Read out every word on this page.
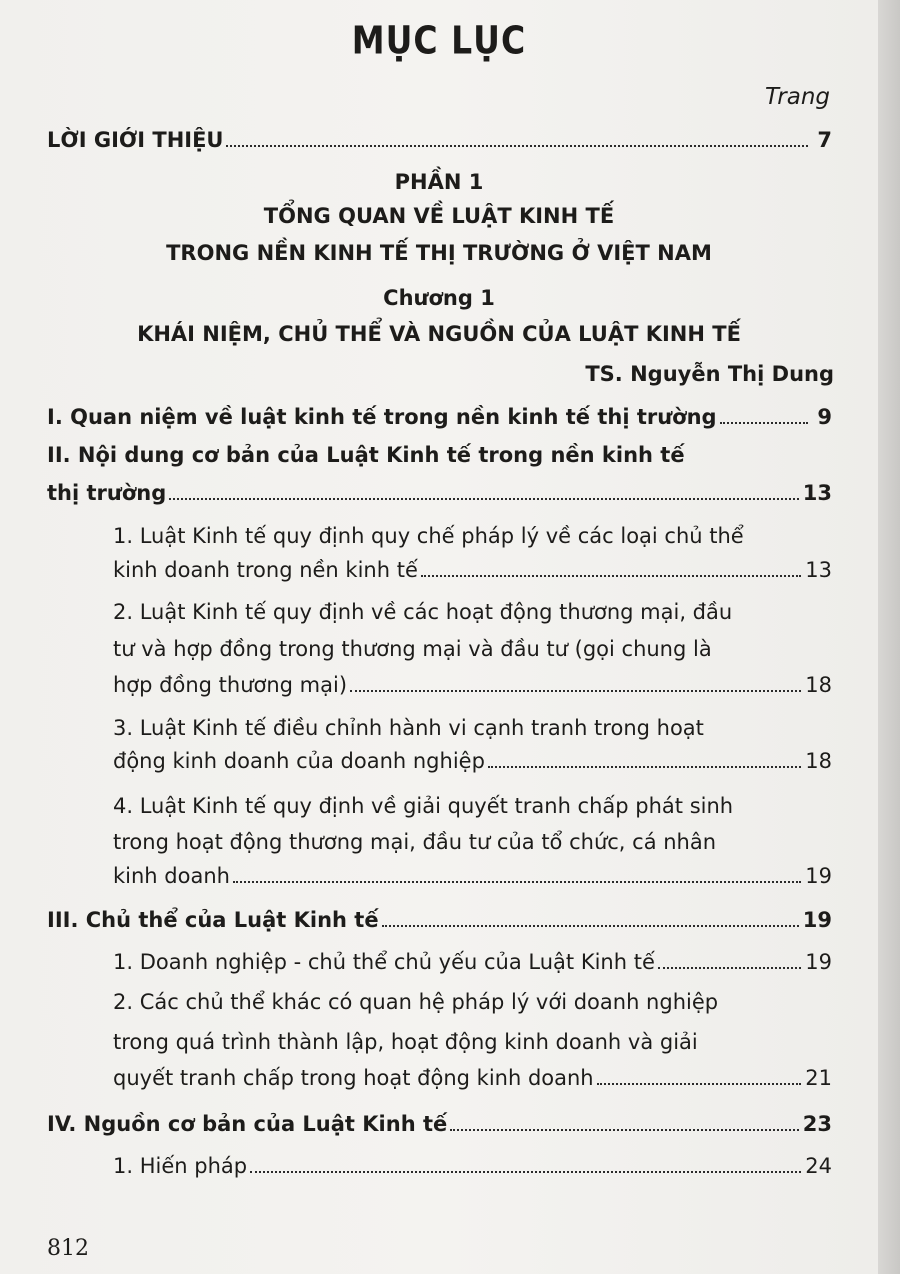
MỤC LỤC
Trang
LỜI GIỚI THIỆU	7
PHẦN 1
TỔNG QUAN VỀ LUẬT KINH TẾ
TRONG NỀN KINH TẾ THỊ TRƯỜNG Ở VIỆT NAM
Chương 1
KHÁI NIỆM, CHỦ THỂ VÀ NGUỒN CỦA LUẬT KINH TẾ
TS. Nguyễn Thị Dung
I. Quan niệm về luật kinh tế trong nền kinh tế thị trường	9
II. Nội dung cơ bản của Luật Kinh tế trong nền kinh tế
thị trường	13
1. Luật Kinh tế quy định quy chế pháp lý về các loại chủ thể
kinh doanh trong nền kinh tế	13
2. Luật Kinh tế quy định về các hoạt động thương mại, đầu
tư và hợp đồng trong thương mại và đầu tư (gọi chung là
hợp đồng thương mại)	18
3. Luật Kinh tế điều chỉnh hành vi cạnh tranh trong hoạt
động kinh doanh của doanh nghiệp	18
4. Luật Kinh tế quy định về giải quyết tranh chấp phát sinh
trong hoạt động thương mại, đầu tư của tổ chức, cá nhân
kinh doanh	19
III. Chủ thể của Luật Kinh tế	19
1. Doanh nghiệp - chủ thể chủ yếu của Luật Kinh tế	19
2. Các chủ thể khác có quan hệ pháp lý với doanh nghiệp
trong quá trình thành lập, hoạt động kinh doanh và giải
quyết tranh chấp trong hoạt động kinh doanh	21
IV. Nguồn cơ bản của Luật Kinh tế	23
1. Hiến pháp	24
812
